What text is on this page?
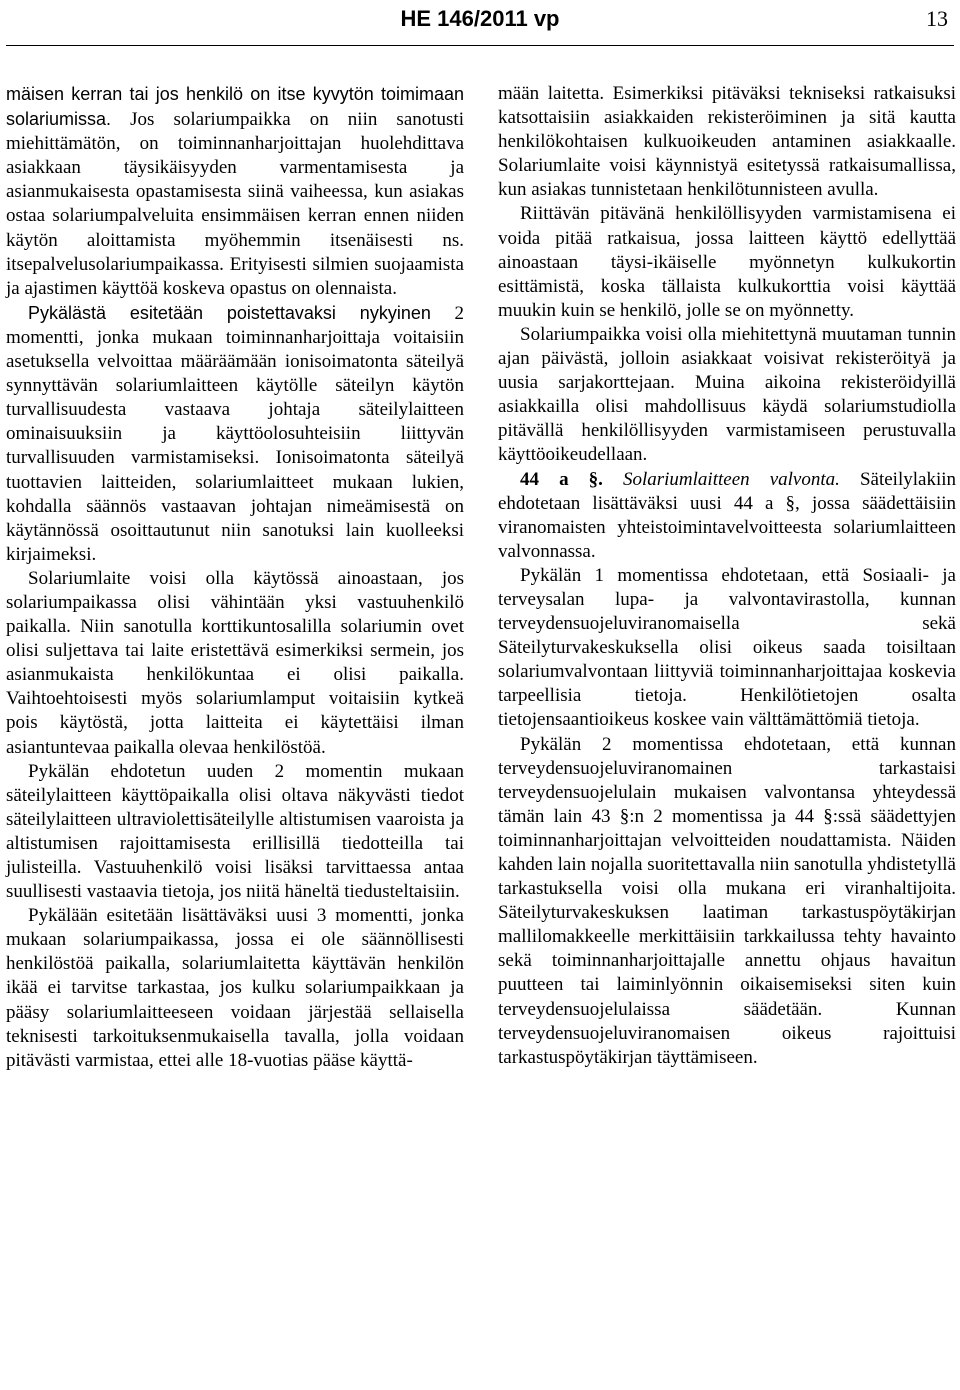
HE 146/2011 vp	13

mäisen kerran tai jos henkilö on itse kyvytön toimimaan solariumissa. Jos solariumpaikka on niin sanotusti miehittämätön, on toiminnanharjoittajan huolehdittava asiakkaan täysikäisyyden varmentamisesta ja asianmukaisesta opastamisesta siinä vaiheessa, kun asiakas ostaa solariumpalveluita ensimmäisen kerran ennen niiden käytön aloittamista myöhemmin itsenäisesti ns. itsepalvelusolariumpaikassa. Erityisesti silmien suojaamista ja ajastimen käyttöä koskeva opastus on olennaista.

Pykälästä esitetään poistettavaksi nykyinen 2 momentti, jonka mukaan toiminnanharjoittaja voitaisiin asetuksella velvoittaa määräämään ionisoimatonta säteilyä synnyttävän solariumlaitteen käytölle säteilyn käytön turvallisuudesta vastaava johtaja säteilylaitteen ominaisuuksiin ja käyttöolosuhteisiin liittyvän turvallisuuden varmistamiseksi. Ionisoimatonta säteilyä tuottavien laitteiden, solariumlaitteet mukaan lukien, kohdalla säännös vastaavan johtajan nimeämisestä on käytännössä osoittautunut niin sanotuksi lain kuolleeksi kirjaimeksi.

Solariumlaite voisi olla käytössä ainoastaan, jos solariumpaikassa olisi vähintään yksi vastuuhenkilö paikalla. Niin sanotulla korttikuntosalilla solariumin ovet olisi suljettava tai laite eristettävä esimerkiksi sermein, jos asianmukaista henkilökuntaa ei olisi paikalla. Vaihtoehtoisesti myös solariumlamput voitaisiin kytkeä pois käytöstä, jotta laitteita ei käytettäisi ilman asiantuntevaa paikalla olevaa henkilöstöä.

Pykälän ehdotetun uuden 2 momentin mukaan säteilylaitteen käyttöpaikalla olisi oltava näkyvästi tiedot säteilylaitteen ultraviolettisäteilylle altistumisen vaaroista ja altistumisen rajoittamisesta erillisillä tiedotteilla tai julisteilla. Vastuuhenkilö voisi lisäksi tarvittaessa antaa suullisesti vastaavia tietoja, jos niitä häneltä tiedusteltaisiin.

Pykälään esitetään lisättäväksi uusi 3 momentti, jonka mukaan solariumpaikassa, jossa ei ole säännöllisesti henkilöstöä paikalla, solariumlaitetta käyttävän henkilön ikää ei tarvitse tarkastaa, jos kulku solariumpaikkaan ja pääsy solariumlaitteeseen voidaan järjestää sellaisella teknisesti tarkoituksenmukaisella tavalla, jolla voidaan pitävästi varmistaa, ettei alle 18-vuotias pääse käyttä-

mään laitetta. Esimerkiksi pitäväksi tekniseksi ratkaisuksi katsottaisiin asiakkaiden rekisteröiminen ja sitä kautta henkilökohtaisen kulkuoikeuden antaminen asiakkaalle. Solariumlaite voisi käynnistyä esitetyssä ratkaisumallissa, kun asiakas tunnistetaan henkilötunnisteen avulla.

Riittävän pitävänä henkilöllisyyden varmistamisena ei voida pitää ratkaisua, jossa laitteen käyttö edellyttää ainoastaan täysi-ikäiselle myönnetyn kulkukortin esittämistä, koska tällaista kulkukorttia voisi käyttää muukin kuin se henkilö, jolle se on myönnetty.

Solariumpaikka voisi olla miehitettynä muutaman tunnin ajan päivästä, jolloin asiakkaat voisivat rekisteröityä ja uusia sarjakorttejaan. Muina aikoina rekisteröidyillä asiakkailla olisi mahdollisuus käydä solariumstudiolla pitävällä henkilöllisyyden varmistamiseen perustuvalla käyttöoikeudellaan.

44 a §. Solariumlaitteen valvonta. Säteilylakiin ehdotetaan lisättäväksi uusi 44 a §, jossa säädettäisiin viranomaisten yhteistoimintavelvoitteesta solariumlaitteen valvonnassa.

Pykälän 1 momentissa ehdotetaan, että Sosiaali- ja terveysalan lupa- ja valvontavirastolla, kunnan terveydensuojeluviranomaisella sekä Säteilyturvakeskuksella olisi oikeus saada toisiltaan solariumvalvontaan liittyviä toiminnanharjoittajaa koskevia tarpeellisia tietoja. Henkilötietojen osalta tietojensaantioikeus koskee vain välttämättömiä tietoja.

Pykälän 2 momentissa ehdotetaan, että kunnan terveydensuojeluviranomainen tarkastaisi terveydensuojelulain mukaisen valvontansa yhteydessä tämän lain 43 §:n 2 momentissa ja 44 §:ssä säädettyjen toiminnanharjoittajan velvoitteiden noudattamista. Näiden kahden lain nojalla suoritettavalla niin sanotulla yhdistetyllä tarkastuksella voisi olla mukana eri viranhaltijoita. Säteilyturvakeskuksen laatiman tarkastuspöytäkirjan mallilomakkeelle merkittäisiin tarkkailussa tehty havainto sekä toiminnanharjoittajalle annettu ohjaus havaitun puutteen tai laiminlyönnin oikaisemiseksi siten kuin terveydensuojelulaissa säädetään. Kunnan terveydensuojeluviranomaisen oikeus rajoittuisi tarkastuspöytäkirjan täyttämiseen.
